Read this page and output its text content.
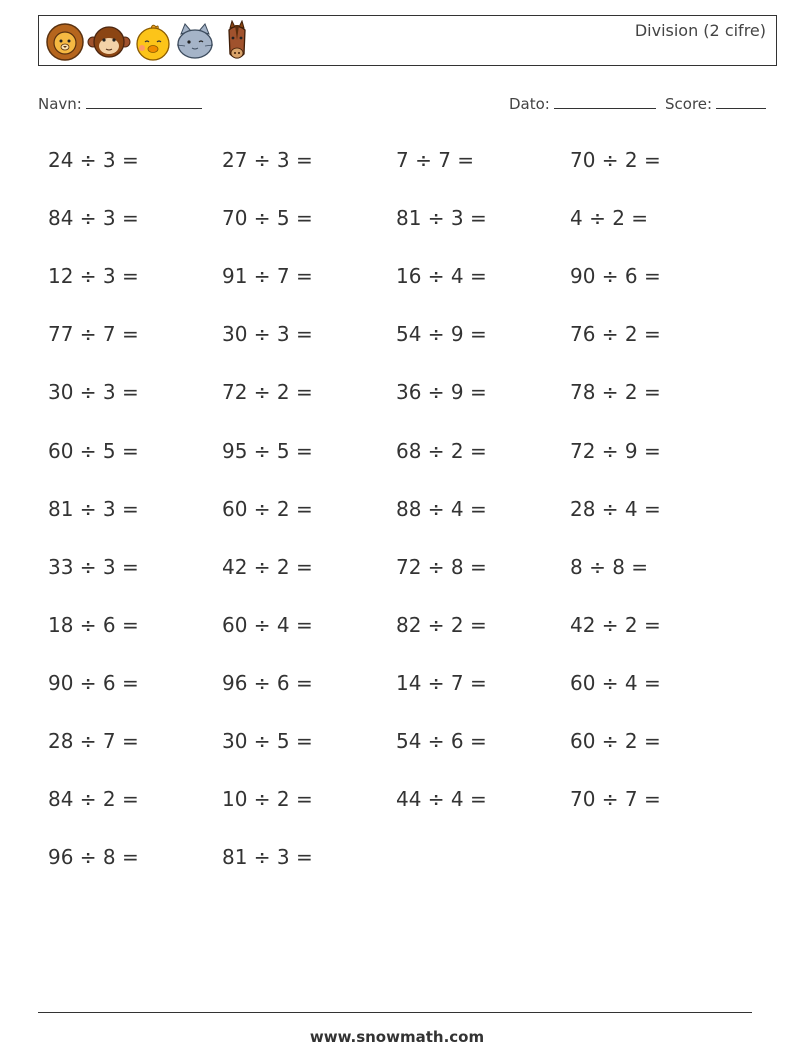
Division (2 cifre)
Navn:	Dato:	Score:
24 ÷ 3 =	27 ÷ 3 =	7 ÷ 7 =	70 ÷ 2 =
84 ÷ 3 =	70 ÷ 5 =	81 ÷ 3 =	4 ÷ 2 =
12 ÷ 3 =	91 ÷ 7 =	16 ÷ 4 =	90 ÷ 6 =
77 ÷ 7 =	30 ÷ 3 =	54 ÷ 9 =	76 ÷ 2 =
30 ÷ 3 =	72 ÷ 2 =	36 ÷ 9 =	78 ÷ 2 =
60 ÷ 5 =	95 ÷ 5 =	68 ÷ 2 =	72 ÷ 9 =
81 ÷ 3 =	60 ÷ 2 =	88 ÷ 4 =	28 ÷ 4 =
33 ÷ 3 =	42 ÷ 2 =	72 ÷ 8 =	8 ÷ 8 =
18 ÷ 6 =	60 ÷ 4 =	82 ÷ 2 =	42 ÷ 2 =
90 ÷ 6 =	96 ÷ 6 =	14 ÷ 7 =	60 ÷ 4 =
28 ÷ 7 =	30 ÷ 5 =	54 ÷ 6 =	60 ÷ 2 =
84 ÷ 2 =	10 ÷ 2 =	44 ÷ 4 =	70 ÷ 7 =
96 ÷ 8 =	81 ÷ 3 =
www.snowmath.com
